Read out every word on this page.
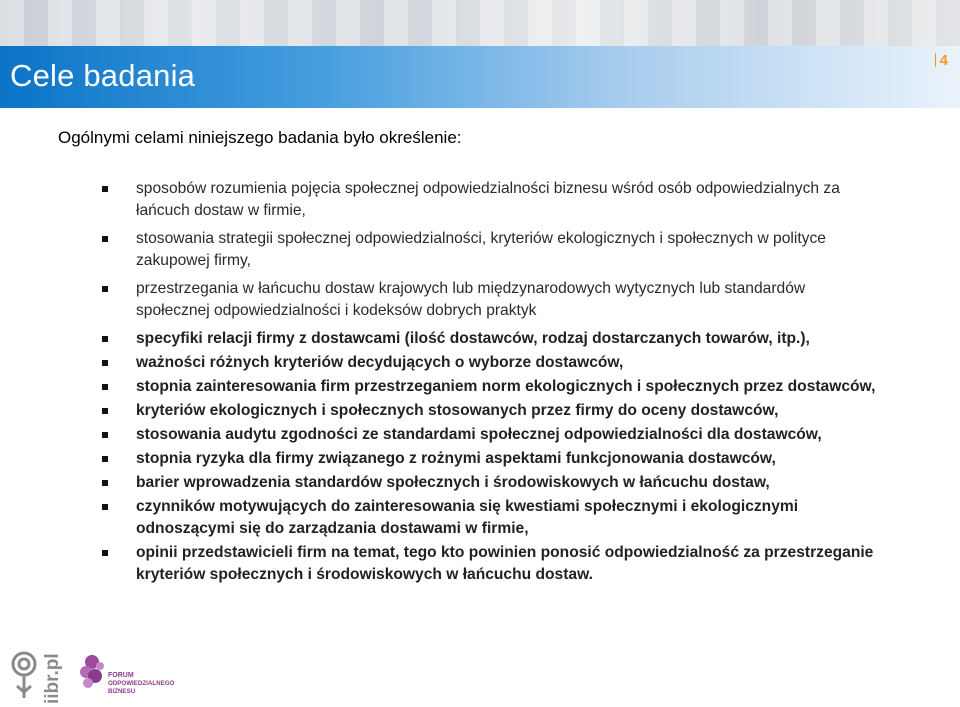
Cele badania	4

Ogólnymi celami niniejszego badania było określenie:

sposobów rozumienia pojęcia społecznej odpowiedzialności biznesu wśród osób odpowiedzialnych za łańcuch dostaw w firmie,
stosowania strategii społecznej odpowiedzialności, kryteriów ekologicznych i społecznych w polityce zakupowej firmy,
przestrzegania w łańcuchu dostaw krajowych lub międzynarodowych wytycznych lub standardów społecznej odpowiedzialności i kodeksów dobrych praktyk
specyfiki relacji firmy z dostawcami (ilość dostawców, rodzaj dostarczanych towarów, itp.),
ważności różnych kryteriów decydujących o wyborze dostawców,
stopnia zainteresowania firm przestrzeganiem norm ekologicznych i społecznych przez dostawców,
kryteriów ekologicznych i społecznych stosowanych przez firmy do oceny dostawców,
stosowania audytu zgodności ze standardami społecznej odpowiedzialności dla dostawców,
stopnia ryzyka dla firmy związanego z rożnymi aspektami funkcjonowania dostawców,
barier wprowadzenia standardów społecznych i środowiskowych w łańcuchu dostaw,
czynników motywujących do zainteresowania się kwestiami społecznymi i ekologicznymi odnoszącymi się do zarządzania dostawami w firmie,
opinii przedstawicieli firm na temat, tego kto powinien ponosić odpowiedzialność za przestrzeganie kryteriów społecznych i środowiskowych w łańcuchu dostaw.
iibr.pl	FORUM
ODPOWIEDZIALNEGO
BIZNESU
